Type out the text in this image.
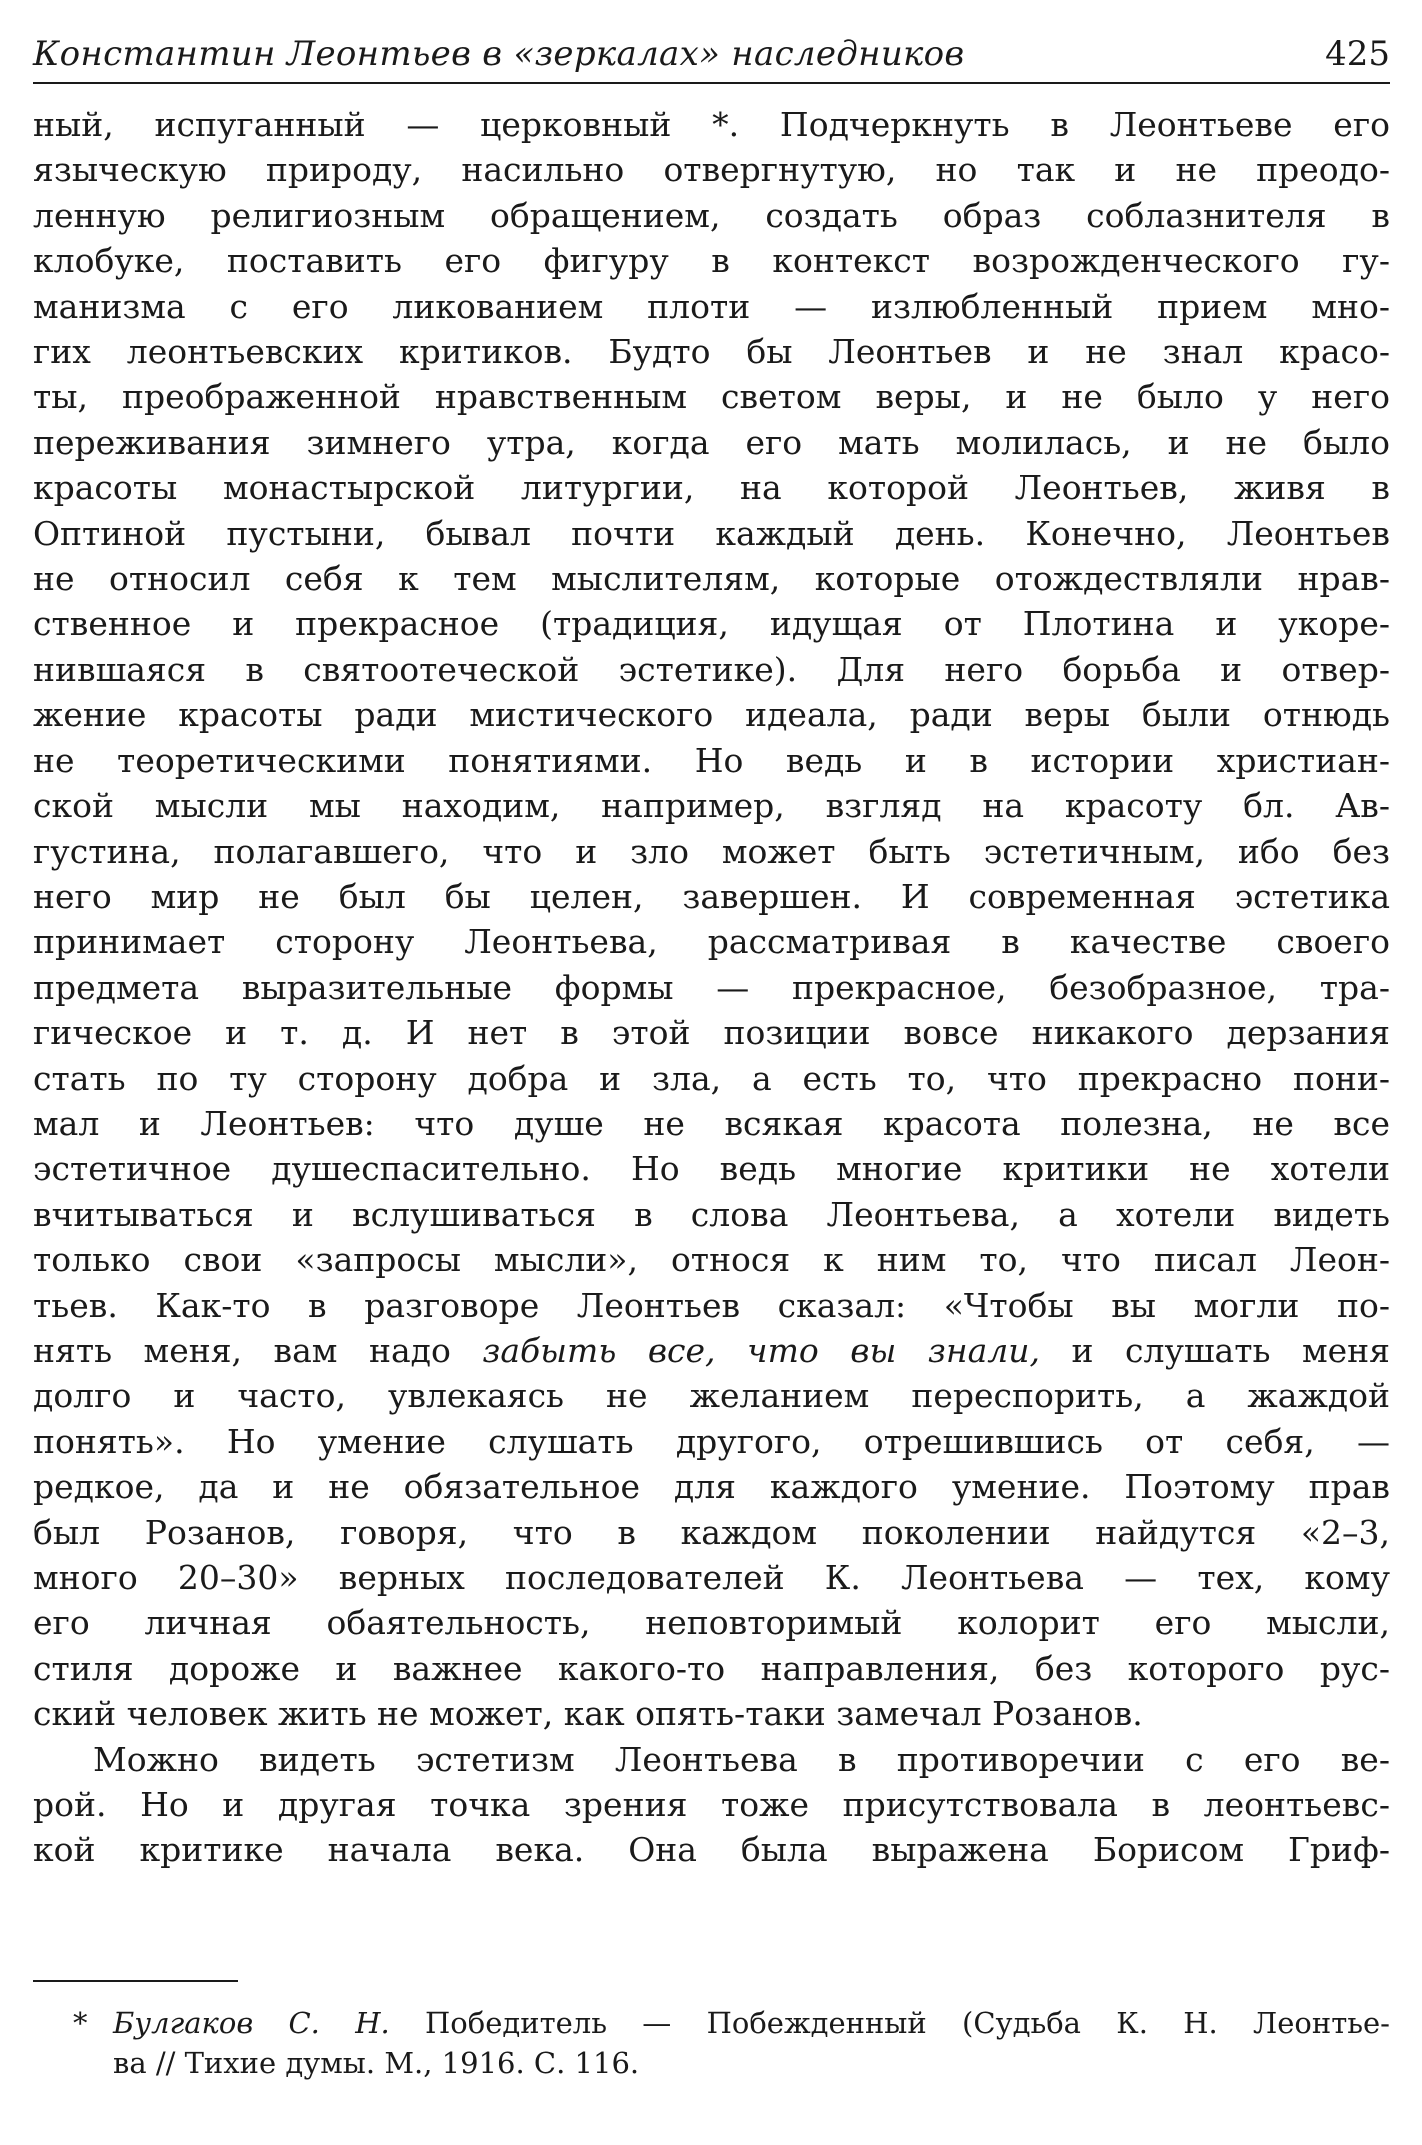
Константин Леонтьев в «зеркалах» наследников	425
ный, испуганный — церковный *. Подчеркнуть в Леонтьеве его
языческую природу, насильно отвергнутую, но так и не преодо-
ленную религиозным обращением, создать образ соблазнителя в
клобуке, поставить его фигуру в контекст возрожденческого гу-
манизма с его ликованием плоти — излюбленный прием мно-
гих леонтьевских критиков. Будто бы Леонтьев и не знал красо-
ты, преображенной нравственным светом веры, и не было у него
переживания зимнего утра, когда его мать молилась, и не было
красоты монастырской литургии, на которой Леонтьев, живя в
Оптиной пустыни, бывал почти каждый день. Конечно, Леонтьев
не относил себя к тем мыслителям, которые отождествляли нрав-
ственное и прекрасное (традиция, идущая от Плотина и укоре-
нившаяся в святоотеческой эстетике). Для него борьба и отвер-
жение красоты ради мистического идеала, ради веры были отнюдь
не теоретическими понятиями. Но ведь и в истории христиан-
ской мысли мы находим, например, взгляд на красоту бл. Ав-
густина, полагавшего, что и зло может быть эстетичным, ибо без
него мир не был бы целен, завершен. И современная эстетика
принимает сторону Леонтьева, рассматривая в качестве своего
предмета выразительные формы — прекрасное, безобразное, тра-
гическое и т. д. И нет в этой позиции вовсе никакого дерзания
стать по ту сторону добра и зла, а есть то, что прекрасно пони-
мал и Леонтьев: что душе не всякая красота полезна, не все
эстетичное душеспасительно. Но ведь многие критики не хотели
вчитываться и вслушиваться в слова Леонтьева, а хотели видеть
только свои «запросы мысли», относя к ним то, что писал Леон-
тьев. Как-то в разговоре Леонтьев сказал: «Чтобы вы могли по-
нять меня, вам надо забыть все, что вы знали, и слушать меня
долго и часто, увлекаясь не желанием переспорить, а жаждой
понять». Но умение слушать другого, отрешившись от себя, —
редкое, да и не обязательное для каждого умение. Поэтому прав
был Розанов, говоря, что в каждом поколении найдутся «2–3,
много 20–30» верных последователей К. Леонтьева — тех, кому
его личная обаятельность, неповторимый колорит его мысли,
стиля дороже и важнее какого-то направления, без которого рус-
ский человек жить не может, как опять-таки замечал Розанов.
Можно видеть эстетизм Леонтьева в противоречии с его ве-
рой. Но и другая точка зрения тоже присутствовала в леонтьевс-
кой критике начала века. Она была выражена Борисом Гриф-
* Булгаков С. Н. Победитель — Побежденный (Судьба К. Н. Леонтье-
ва // Тихие думы. М., 1916. С. 116.
